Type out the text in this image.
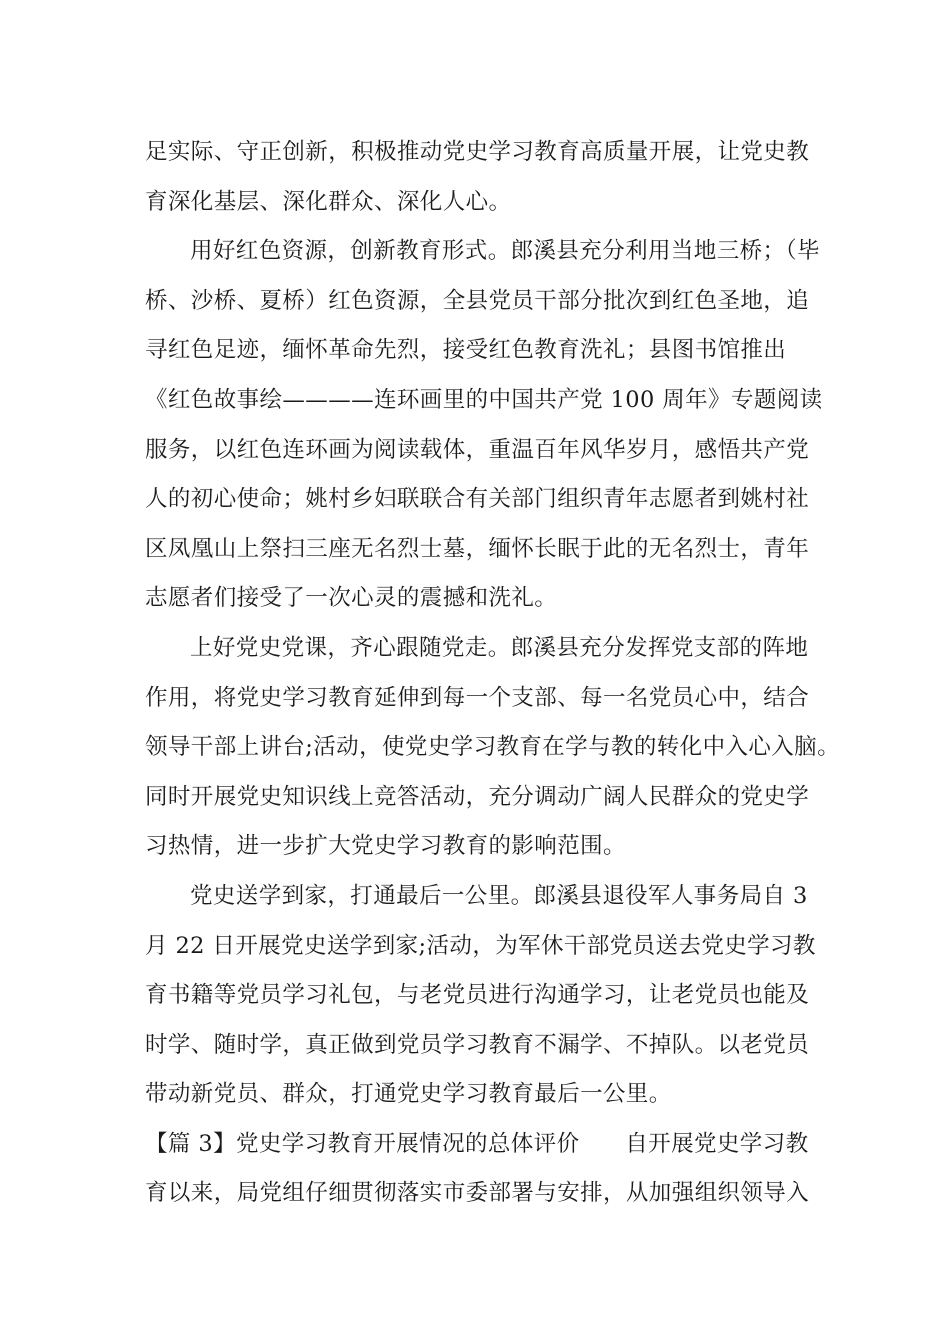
足实际、守正创新，积极推动党史学习教育高质量开展，让党史教
育深化基层、深化群众、深化人心。
用好红色资源，创新教育形式。郎溪县充分利用当地三桥；（毕
桥、沙桥、夏桥）红色资源，全县党员干部分批次到红色圣地，追
寻红色足迹，缅怀革命先烈，接受红色教育洗礼；县图书馆推出
《红色故事绘————连环画里的中国共产党 100 周年》专题阅读
服务，以红色连环画为阅读载体，重温百年风华岁月，感悟共产党
人的初心使命；姚村乡妇联联合有关部门组织青年志愿者到姚村社
区凤凰山上祭扫三座无名烈士墓，缅怀长眠于此的无名烈士，青年
志愿者们接受了一次心灵的震撼和洗礼。
上好党史党课，齐心跟随党走。郎溪县充分发挥党支部的阵地
作用，将党史学习教育延伸到每一个支部、每一名党员心中，结合
领导干部上讲台;活动，使党史学习教育在学与教的转化中入心入脑。
同时开展党史知识线上竞答活动，充分调动广阔人民群众的党史学
习热情，进一步扩大党史学习教育的影响范围。
党史送学到家，打通最后一公里。郎溪县退役军人事务局自 3
月 22 日开展党史送学到家;活动，为军休干部党员送去党史学习教
育书籍等党员学习礼包，与老党员进行沟通学习，让老党员也能及
时学、随时学，真正做到党员学习教育不漏学、不掉队。以老党员
带动新党员、群众，打通党史学习教育最后一公里。
【篇 3】党史学习教育开展情况的总体评价　　自开展党史学习教
育以来，局党组仔细贯彻落实市委部署与安排，从加强组织领导入
